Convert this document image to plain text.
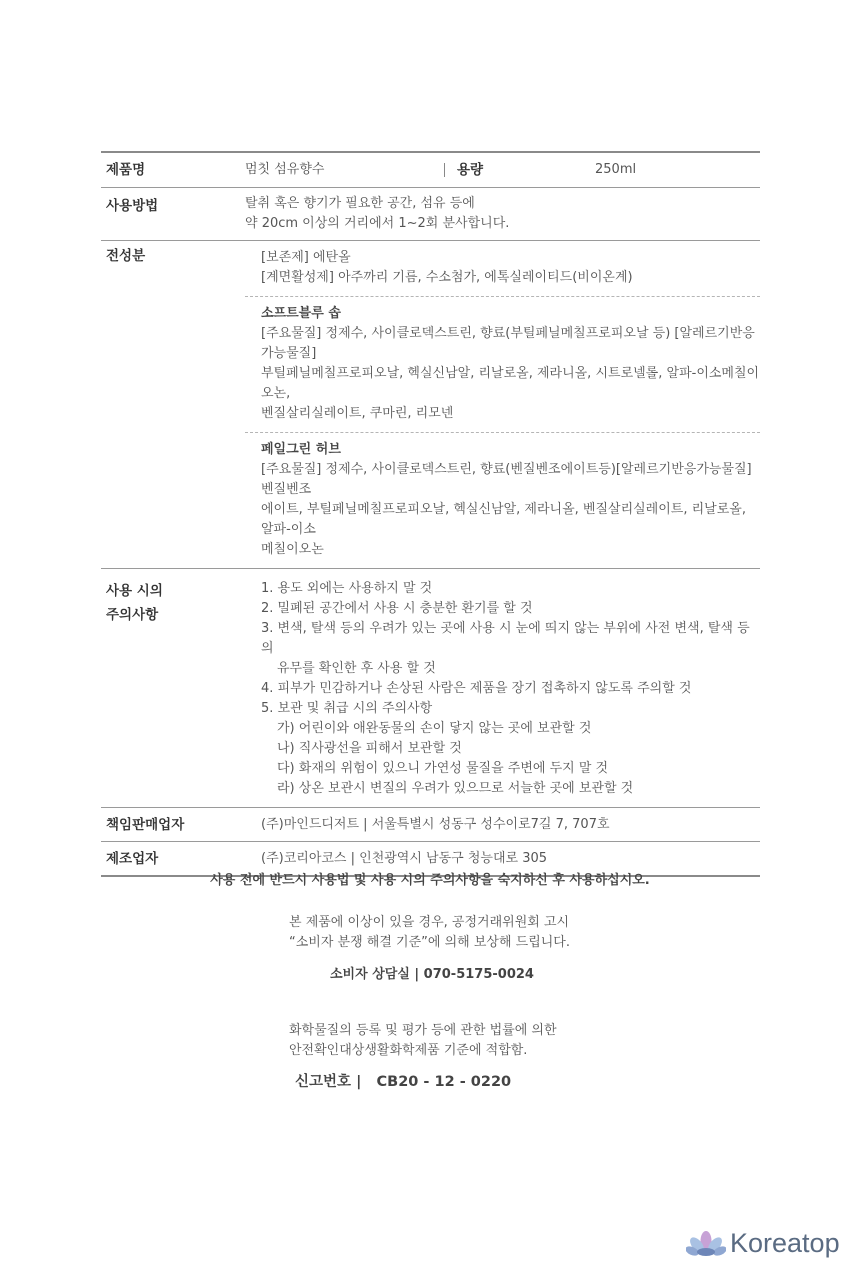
제품명	멈칫 섬유향수	용량	250ml
사용방법	탈취 혹은 향기가 필요한 공간, 섬유 등에
약 20cm 이상의 거리에서 1~2회 분사합니다.
전성분	[보존제] 에탄올
[계면활성제] 아주까리 기름, 수소첨가, 에톡실레이티드(비이온계)
소프트블루 솝
[주요물질] 정제수, 사이클로덱스트린, 향료(부틸페닐메칠프로피오날 등) [알레르기반응가능물질]
부틸페닐메칠프로피오날, 헥실신남알, 리날로올, 제라니올, 시트로넬롤, 알파-이소메칠이오논,
벤질살리실레이트, 쿠마린, 리모넨
페일그린 허브
[주요물질] 정제수, 사이클로덱스트린, 향료(벤질벤조에이트등)[알레르기반응가능물질] 벤질벤조
에이트, 부틸페닐메칠프로피오날, 헥실신남알, 제라니올, 벤질살리실레이트, 리날로올, 알파-이소
메칠이오논
사용 시의
주의사항
1. 용도 외에는 사용하지 말 것
2. 밀폐된 공간에서 사용 시 충분한 환기를 할 것
3. 변색, 탈색 등의 우려가 있는 곳에 사용 시 눈에 띄지 않는 부위에 사전 변색, 탈색 등의
유무를 확인한 후 사용 할 것
4. 피부가 민감하거나 손상된 사람은 제품을 장기 접촉하지 않도록 주의할 것
5. 보관 및 취급 시의 주의사항
가) 어린이와 애완동물의 손이 닿지 않는 곳에 보관할 것
나) 직사광선을 피해서 보관할 것
다) 화재의 위험이 있으니 가연성 물질을 주변에 두지 말 것
라) 상온 보관시 변질의 우려가 있으므로 서늘한 곳에 보관할 것
책임판매업자	(주)마인드디저트 | 서울특별시 성동구 성수이로7길 7, 707호
제조업자	(주)코리아코스 | 인천광역시 남동구 청능대로 305
사용 전에 반드시 사용법 및 사용 시의 주의사항을 숙지하신 후 사용하십시오.
본 제품에 이상이 있을 경우, 공정거래위원회 고시
“소비자 분쟁 해결 기준”에 의해 보상해 드립니다.
소비자 상담실 | 070-5175-0024
화학물질의 등록 및 평가 등에 관한 법률에 의한
안전확인대상생활화학제품 기준에 적합함.
신고번호 |   CB20 - 12 - 0220
Koreatop
